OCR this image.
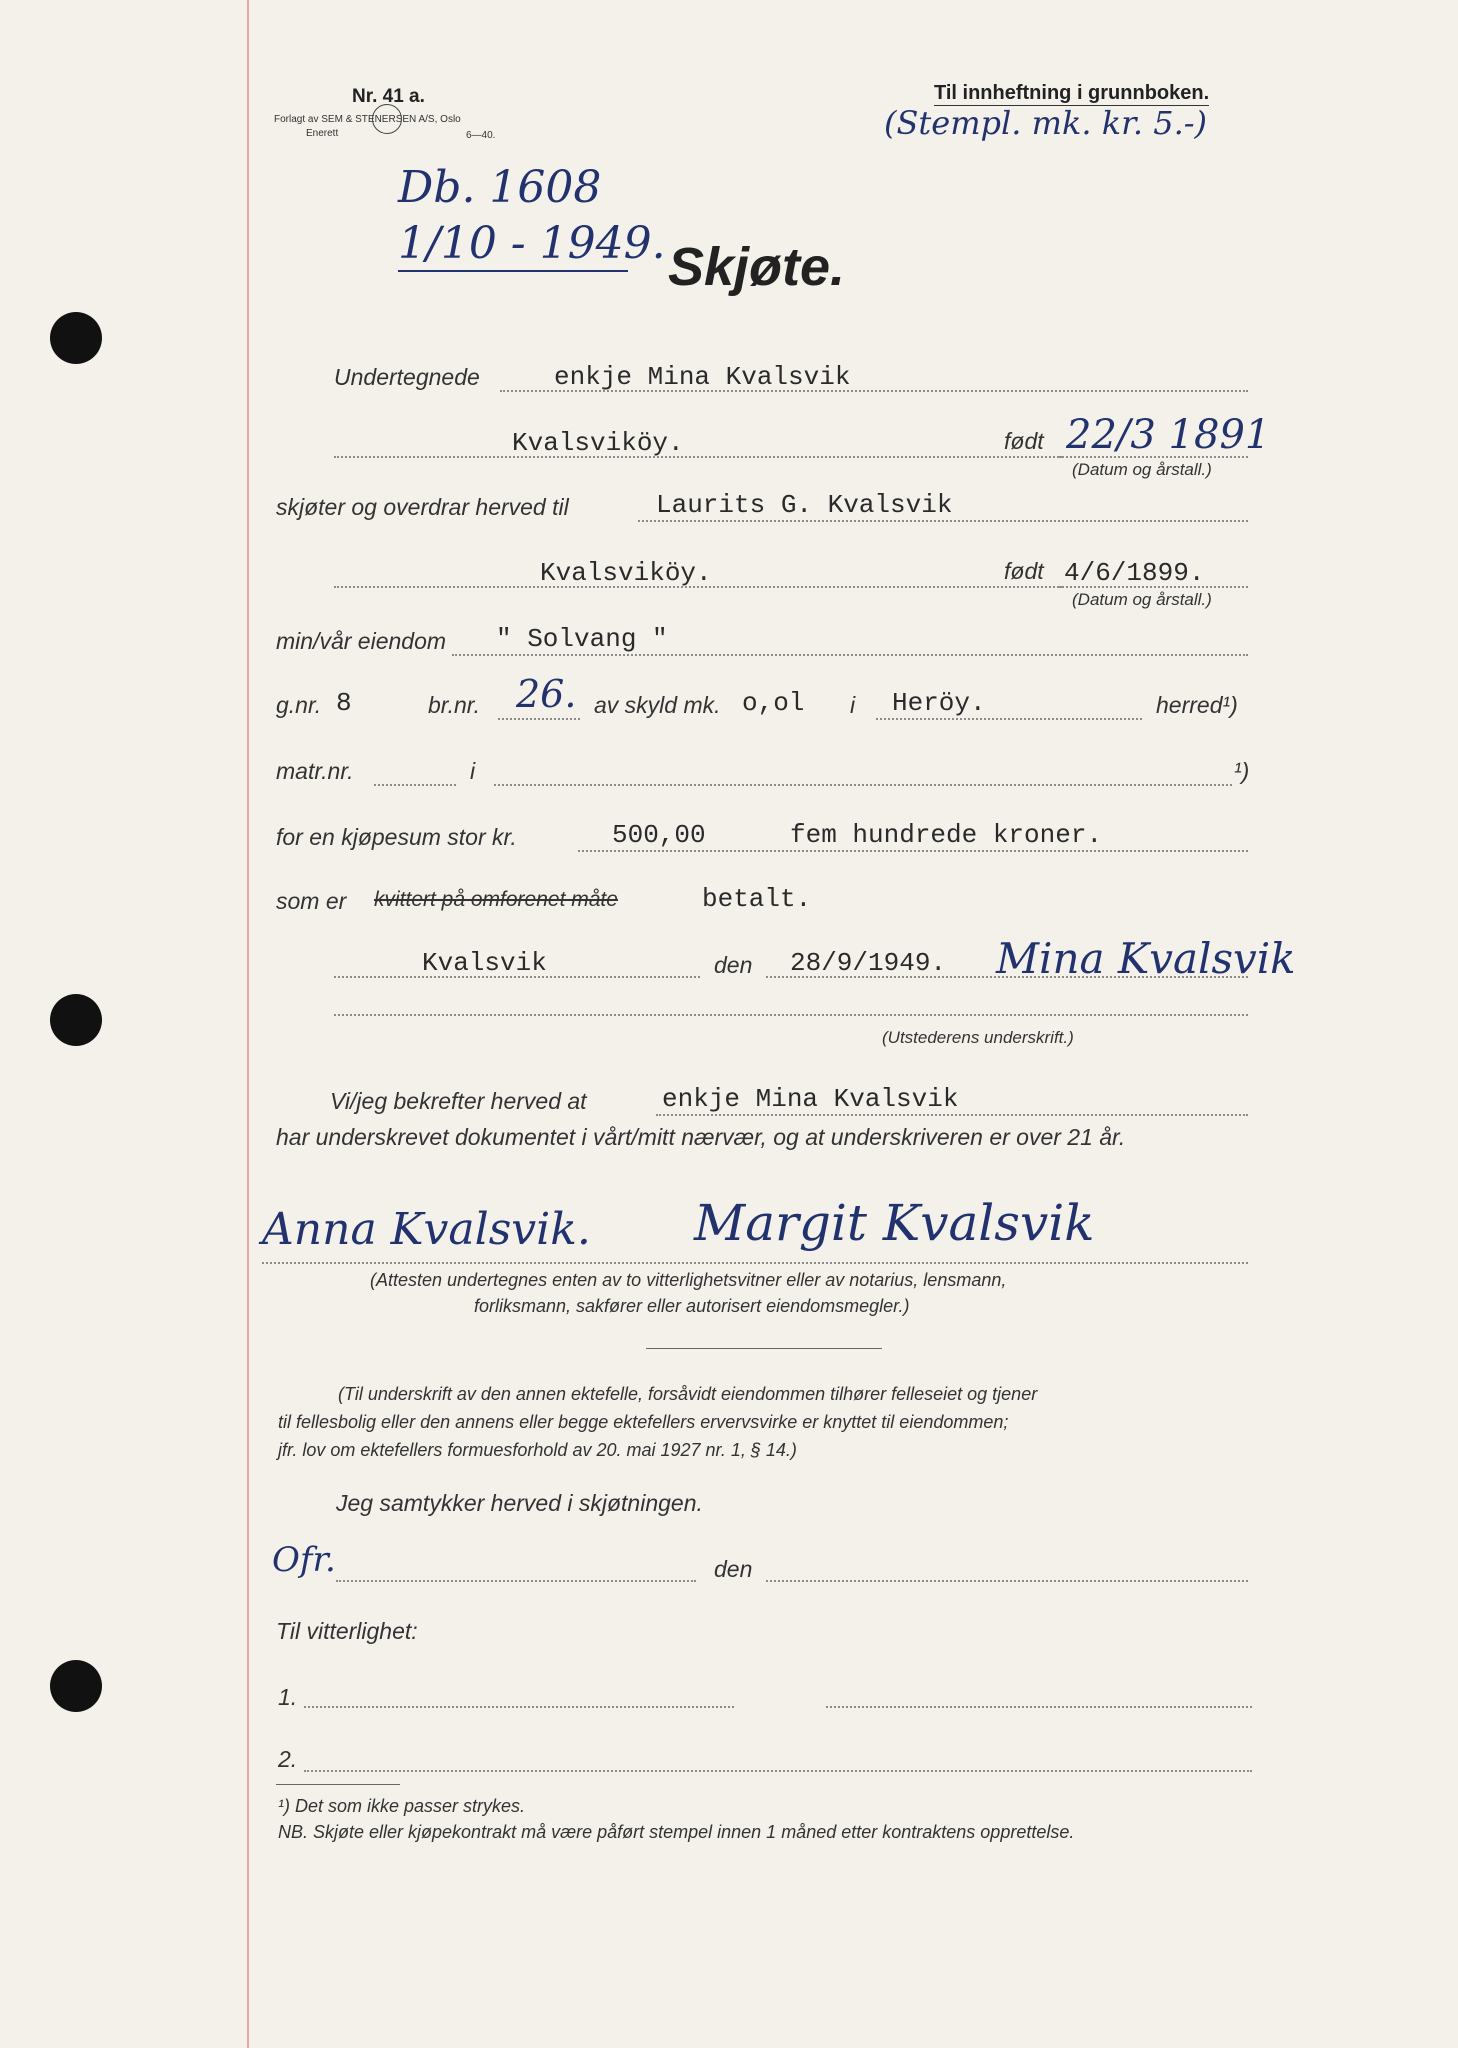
Nr. 41 a.
Forlagt av SEM & STENERSEN A/S, Oslo
Enerett	6—40.
Til innheftning i grunnboken.
(Stempl. mk. kr. 5.-)
Db. 1608
1/10 - 1949. Skjøte.
Undertegnede	enkje Mina Kvalsvik
Kvalsviköy.	født 22/3 1891
(Datum og årstall.)
skjøter og overdrar herved til	Laurits G. Kvalsvik
Kvalsviköy.	født 4/6/1899.
(Datum og årstall.)
min/vår eiendom " Solvang "
g.nr. 8	br.nr. 26. av skyld mk. o,ol i Heröy.	herred¹)
matr.nr.	i	¹)
for en kjøpesum stor kr.	500,00	fem hundrede kroner.
som er kvittert på omforenet måte	betalt.
Kvalsvik	den 28/9/1949. Mina Kvalsvik
(Utstederens underskrift.)
Vi/jeg bekrefter herved at	enkje Mina Kvalsvik
har underskrevet dokumentet i vårt/mitt nærvær, og at underskriveren er over 21 år.
Anna Kvalsvik. Margit Kvalsvik
(Attesten undertegnes enten av to vitterlighetsvitner eller av notarius, lensmann,
forliksmann, sakfører eller autorisert eiendomsmegler.)
(Til underskrift av den annen ektefelle, forsåvidt eiendommen tilhører felleseiet og tjener
til fellesbolig eller den annens eller begge ektefellers ervervsvirke er knyttet til eiendommen;
jfr. lov om ektefellers formuesforhold av 20. mai 1927 nr. 1, § 14.)
Jeg samtykker herved i skjøtningen.
Ofr.	den
Til vitterlighet:
1.
2.
¹) Det som ikke passer strykes.
NB. Skjøte eller kjøpekontrakt må være påført stempel innen 1 måned etter kontraktens opprettelse.
